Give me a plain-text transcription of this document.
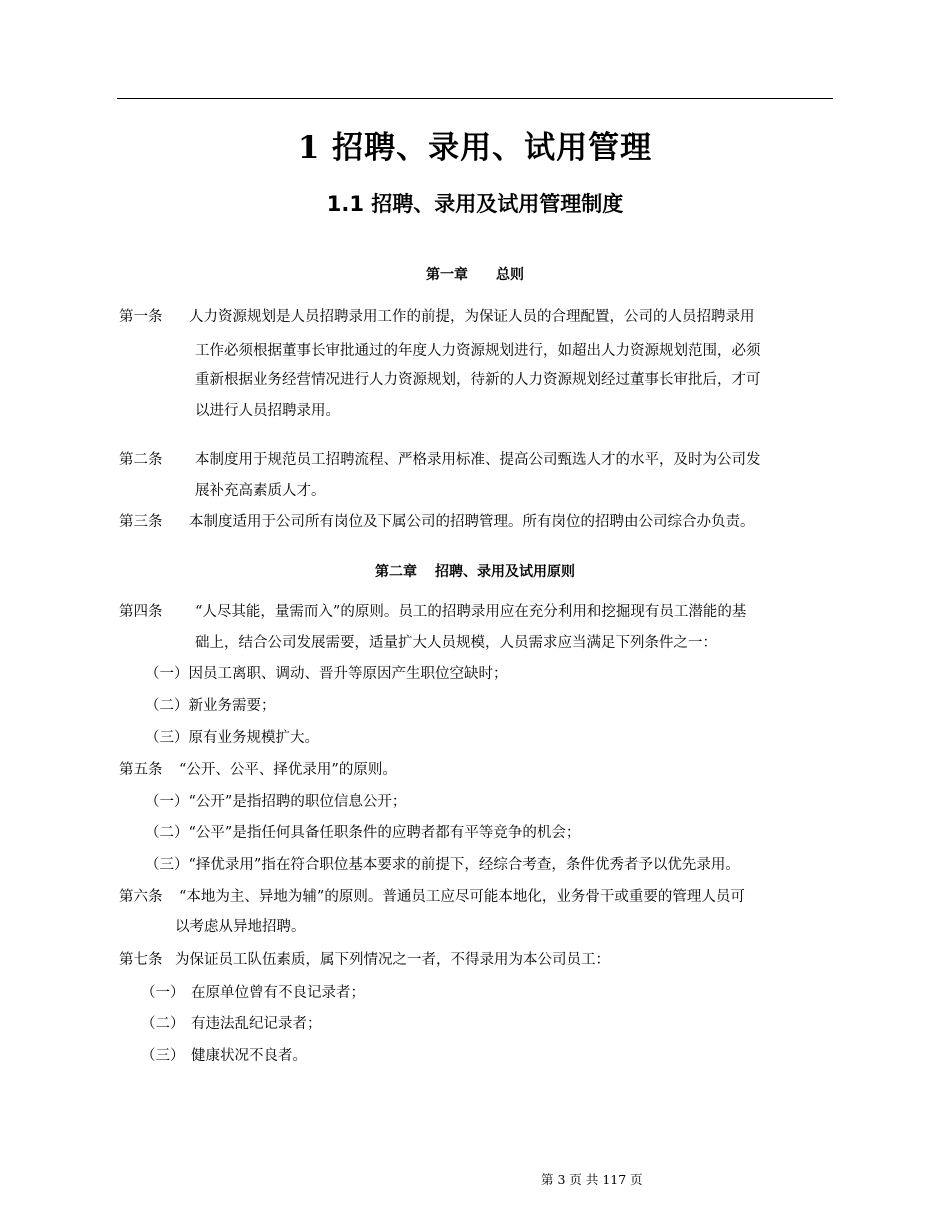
1 招聘、录用、试用管理
1.1 招聘、录用及试用管理制度
第一章 总则
第一条 人力资源规划是人员招聘录用工作的前提，为保证人员的合理配置，公司的人员招聘录用
工作必须根据董事长审批通过的年度人力资源规划进行，如超出人力资源规划范围，必须
重新根据业务经营情况进行人力资源规划，待新的人力资源规划经过董事长审批后，才可
以进行人员招聘录用。
第二条 本制度用于规范员工招聘流程、严格录用标准、提高公司甄选人才的水平，及时为公司发
展补充高素质人才。
第三条 本制度适用于公司所有岗位及下属公司的招聘管理。所有岗位的招聘由公司综合办负责。
第二章 招聘、录用及试用原则
第四条 “人尽其能，量需而入”的原则。员工的招聘录用应在充分利用和挖掘现有员工潜能的基
础上，结合公司发展需要，适量扩大人员规模，人员需求应当满足下列条件之一：
（一）因员工离职、调动、晋升等原因产生职位空缺时；
（二）新业务需要；
（三）原有业务规模扩大。
第五条 “公开、公平、择优录用”的原则。
（一）“公开”是指招聘的职位信息公开；
（二）“公平”是指任何具备任职条件的应聘者都有平等竞争的机会；
（三）“择优录用”指在符合职位基本要求的前提下，经综合考查，条件优秀者予以优先录用。
第六条 “本地为主、异地为辅”的原则。普通员工应尽可能本地化，业务骨干或重要的管理人员可
以考虑从异地招聘。
第七条 为保证员工队伍素质，属下列情况之一者，不得录用为本公司员工：
（一） 在原单位曾有不良记录者；
（二） 有违法乱纪记录者；
（三） 健康状况不良者。
第 3 页 共 117 页
